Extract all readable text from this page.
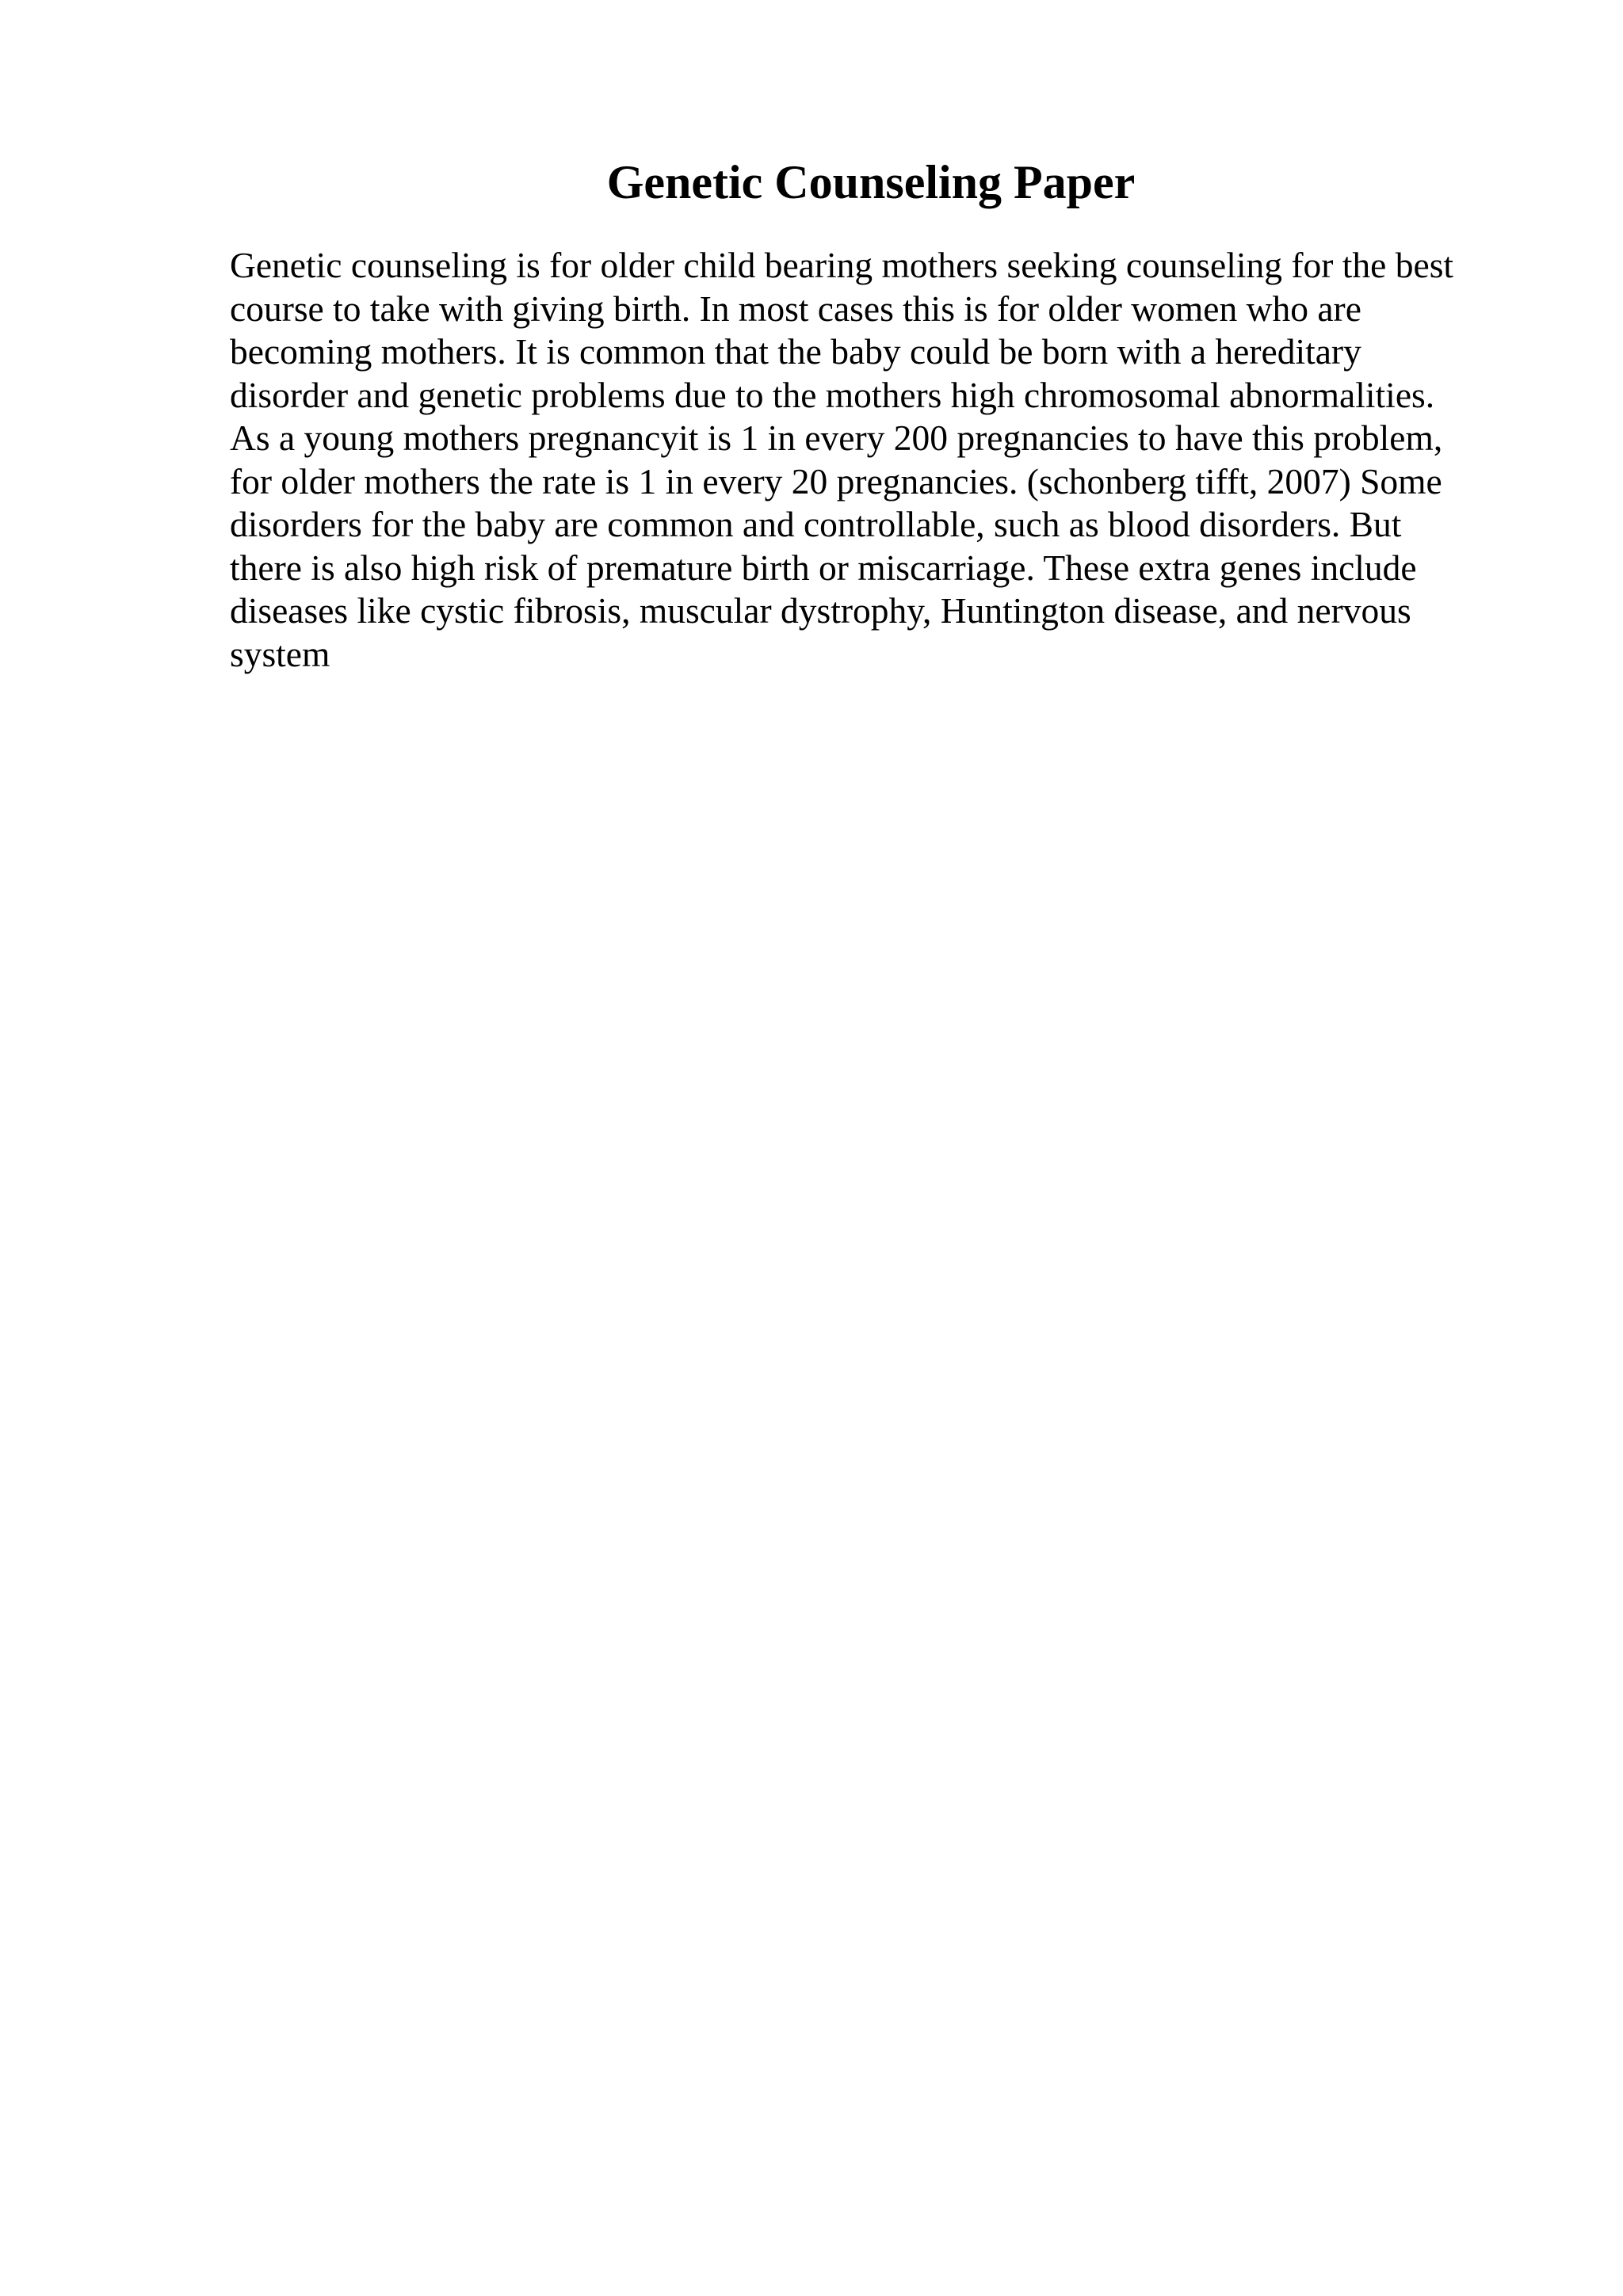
Genetic Counseling Paper

Genetic counseling is for older child bearing mothers seeking counseling for the best
course to take with giving birth. In most cases this is for older women who are
becoming mothers. It is common that the baby could be born with a hereditary
disorder and genetic problems due to the mothers high chromosomal abnormalities.
As a young mothers pregnancyit is 1 in every 200 pregnancies to have this problem,
for older mothers the rate is 1 in every 20 pregnancies. (schonberg tifft, 2007) Some
disorders for the baby are common and controllable, such as blood disorders. But
there is also high risk of premature birth or miscarriage. These extra genes include
diseases like cystic fibrosis, muscular dystrophy, Huntington disease, and nervous
system
